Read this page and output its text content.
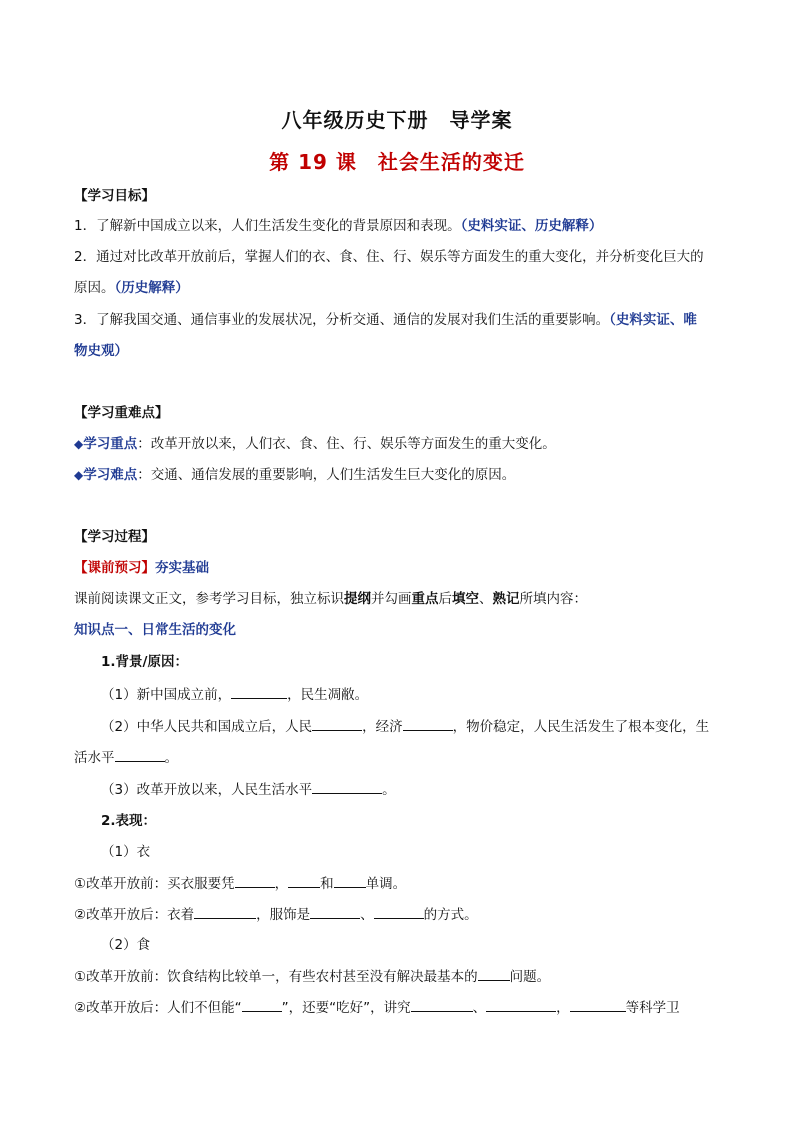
八年级历史下册　导学案
第 19 课　社会生活的变迁
【学习目标】
1．了解新中国成立以来，人们生活发生变化的背景原因和表现。（史料实证、历史解释）
2．通过对比改革开放前后，掌握人们的衣、食、住、行、娱乐等方面发生的重大变化，并分析变化巨大的
原因。（历史解释）
3．了解我国交通、通信事业的发展状况，分析交通、通信的发展对我们生活的重要影响。（史料实证、唯
物史观）
【学习重难点】
◆学习重点：改革开放以来，人们衣、食、住、行、娱乐等方面发生的重大变化。
◆学习难点：交通、通信发展的重要影响，人们生活发生巨大变化的原因。
【学习过程】
【课前预习】夯实基础
课前阅读课文正文，参考学习目标，独立标识提纲并勾画重点后填空、熟记所填内容：
知识点一、日常生活的变化
1.背景/原因：
（1）新中国成立前，	，民生凋敝。
（2）中华人民共和国成立后，人民	，经济	，物价稳定，人民生活发生了根本变化，生
活水平	。
（3）改革开放以来，人民生活水平	。
2.表现：
（1）衣
①改革开放前：买衣服要凭	， 和 单调。
②改革开放后：衣着	，服饰是	、	的方式。
（2）食
①改革开放前：饮食结构比较单一，有些农村甚至没有解决最基本的 问题。
②改革开放后：人们不但能“	”，还要“吃好”，讲究	、	，	等科学卫
